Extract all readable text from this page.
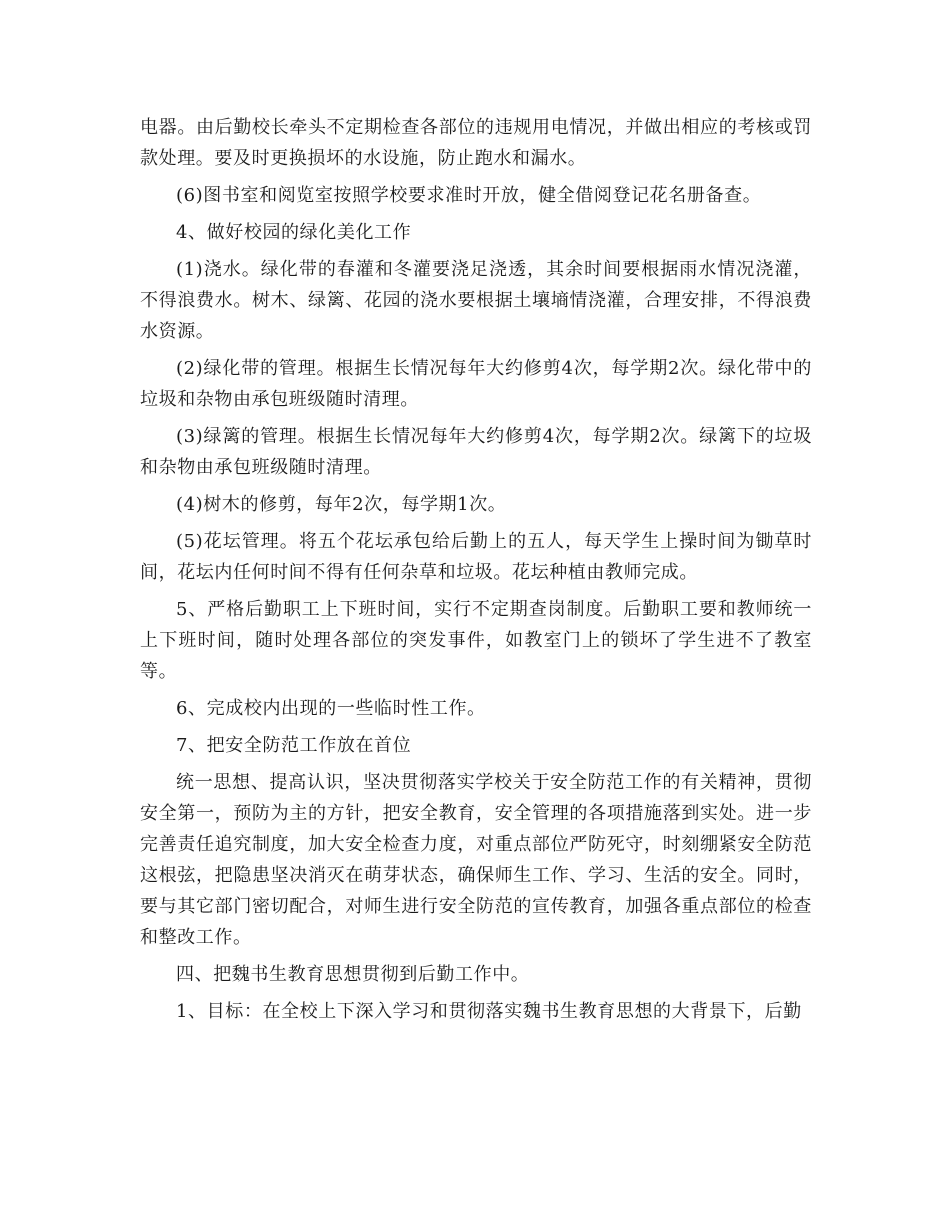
电器。由后勤校长牵头不定期检查各部位的违规用电情况，并做出相应的考核或罚款处理。要及时更换损坏的水设施，防止跑水和漏水。

(6)图书室和阅览室按照学校要求准时开放，健全借阅登记花名册备查。

4、做好校园的绿化美化工作

(1)浇水。绿化带的春灌和冬灌要浇足浇透，其余时间要根据雨水情况浇灌，不得浪费水。树木、绿篱、花园的浇水要根据土壤墒情浇灌，合理安排，不得浪费水资源。

(2)绿化带的管理。根据生长情况每年大约修剪4次，每学期2次。绿化带中的垃圾和杂物由承包班级随时清理。

(3)绿篱的管理。根据生长情况每年大约修剪4次，每学期2次。绿篱下的垃圾和杂物由承包班级随时清理。

(4)树木的修剪，每年2次，每学期1次。

(5)花坛管理。将五个花坛承包给后勤上的五人，每天学生上操时间为锄草时间，花坛内任何时间不得有任何杂草和垃圾。花坛种植由教师完成。

5、严格后勤职工上下班时间，实行不定期查岗制度。后勤职工要和教师统一上下班时间，随时处理各部位的突发事件，如教室门上的锁坏了学生进不了教室等。

6、完成校内出现的一些临时性工作。

7、把安全防范工作放在首位

统一思想、提高认识，坚决贯彻落实学校关于安全防范工作的有关精神，贯彻安全第一，预防为主的方针，把安全教育，安全管理的各项措施落到实处。进一步完善责任追究制度，加大安全检查力度，对重点部位严防死守，时刻绷紧安全防范这根弦，把隐患坚决消灭在萌芽状态，确保师生工作、学习、生活的安全。同时，要与其它部门密切配合，对师生进行安全防范的宣传教育，加强各重点部位的检查和整改工作。

四、把魏书生教育思想贯彻到后勤工作中。

1、目标：在全校上下深入学习和贯彻落实魏书生教育思想的大背景下，后勤
